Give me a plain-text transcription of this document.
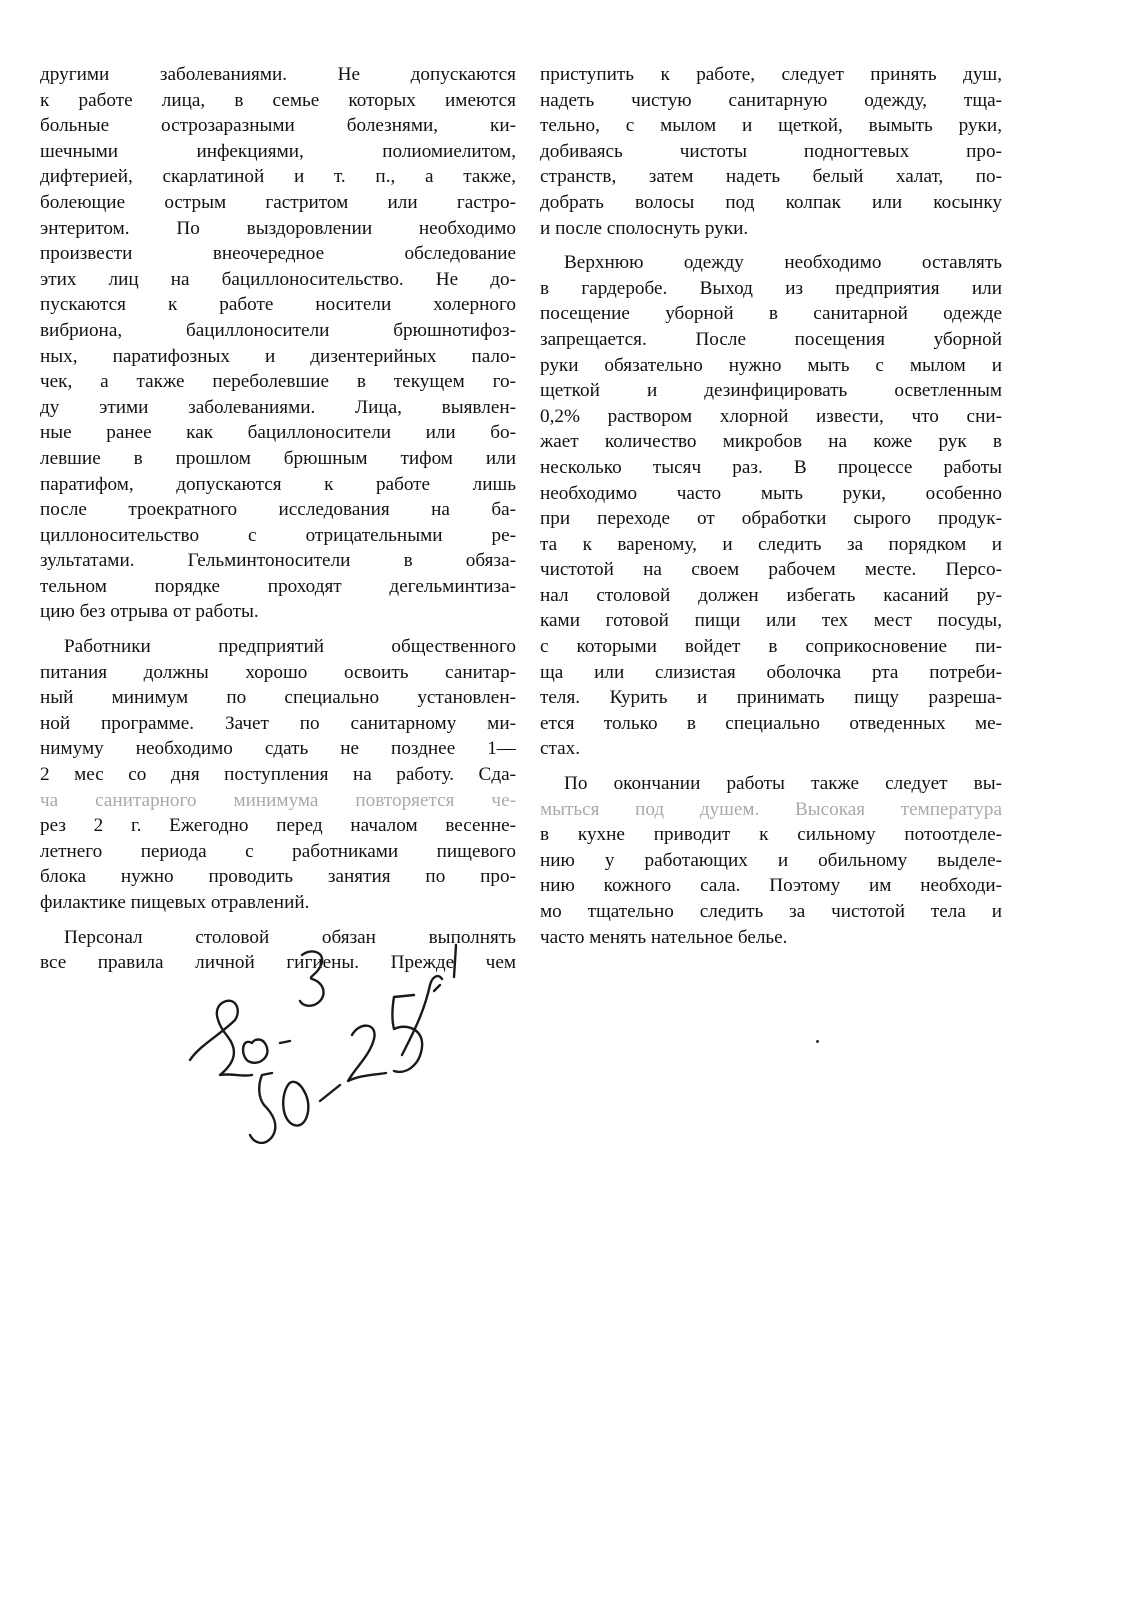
другими заболеваниями. Не допускаются
к работе лица, в семье которых имеются
больные острозаразными болезнями, ки-
шечными инфекциями, полиомиелитом,
дифтерией, скарлатиной и т. п., а также,
болеющие острым гастритом или гастро-
энтеритом. По выздоровлении необходимо
произвести внеочередное обследование
этих лиц на бациллоносительство. Не до-
пускаются к работе носители холерного
вибриона, бациллоносители брюшнотифоз-
ных, паратифозных и дизентерийных пало-
чек, а также переболевшие в текущем го-
ду этими заболеваниями. Лица, выявлен-
ные ранее как бациллоносители или бо-
левшие в прошлом брюшным тифом или
паратифом, допускаются к работе лишь
после троекратного исследования на ба-
циллоносительство с отрицательными ре-
зультатами. Гельминтоносители в обяза-
тельном порядке проходят дегельминтиза-
цию без отрыва от работы.
Работники предприятий общественного
питания должны хорошо освоить санитар-
ный минимум по специально установлен-
ной программе. Зачет по санитарному ми-
нимуму необходимо сдать не позднее 1—
2 мес со дня поступления на работу. Сда-
ча санитарного минимума повторяется че-
рез 2 г. Ежегодно перед началом весенне-
летнего периода с работниками пищевого
блока нужно проводить занятия по про-
филактике пищевых отравлений.
Персонал столовой обязан выполнять
все правила личной гигиены. Прежде чем
приступить к работе, следует принять душ,
надеть чистую санитарную одежду, тща-
тельно, с мылом и щеткой, вымыть руки,
добиваясь чистоты подногтевых про-
странств, затем надеть белый халат, по-
добрать волосы под колпак или косынку
и после сполоснуть руки.
Верхнюю одежду необходимо оставлять
в гардеробе. Выход из предприятия или
посещение уборной в санитарной одежде
запрещается. После посещения уборной
руки обязательно нужно мыть с мылом и
щеткой и дезинфицировать осветленным
0,2% раствором хлорной извести, что сни-
жает количество микробов на коже рук в
несколько тысяч раз. В процессе работы
необходимо часто мыть руки, особенно
при переходе от обработки сырого продук-
та к вареному, и следить за порядком и
чистотой на своем рабочем месте. Персо-
нал столовой должен избегать касаний ру-
ками готовой пищи или тех мест посуды,
с которыми войдет в соприкосновение пи-
ща или слизистая оболочка рта потреби-
теля. Курить и принимать пищу разреша-
ется только в специально отведенных ме-
стах.
По окончании работы также следует вы-
мыться под душем. Высокая температура
в кухне приводит к сильному потоотделе-
нию у работающих и обильному выделе-
нию кожного сала. Поэтому им необходи-
мо тщательно следить за чистотой тела и
часто менять нательное белье.
